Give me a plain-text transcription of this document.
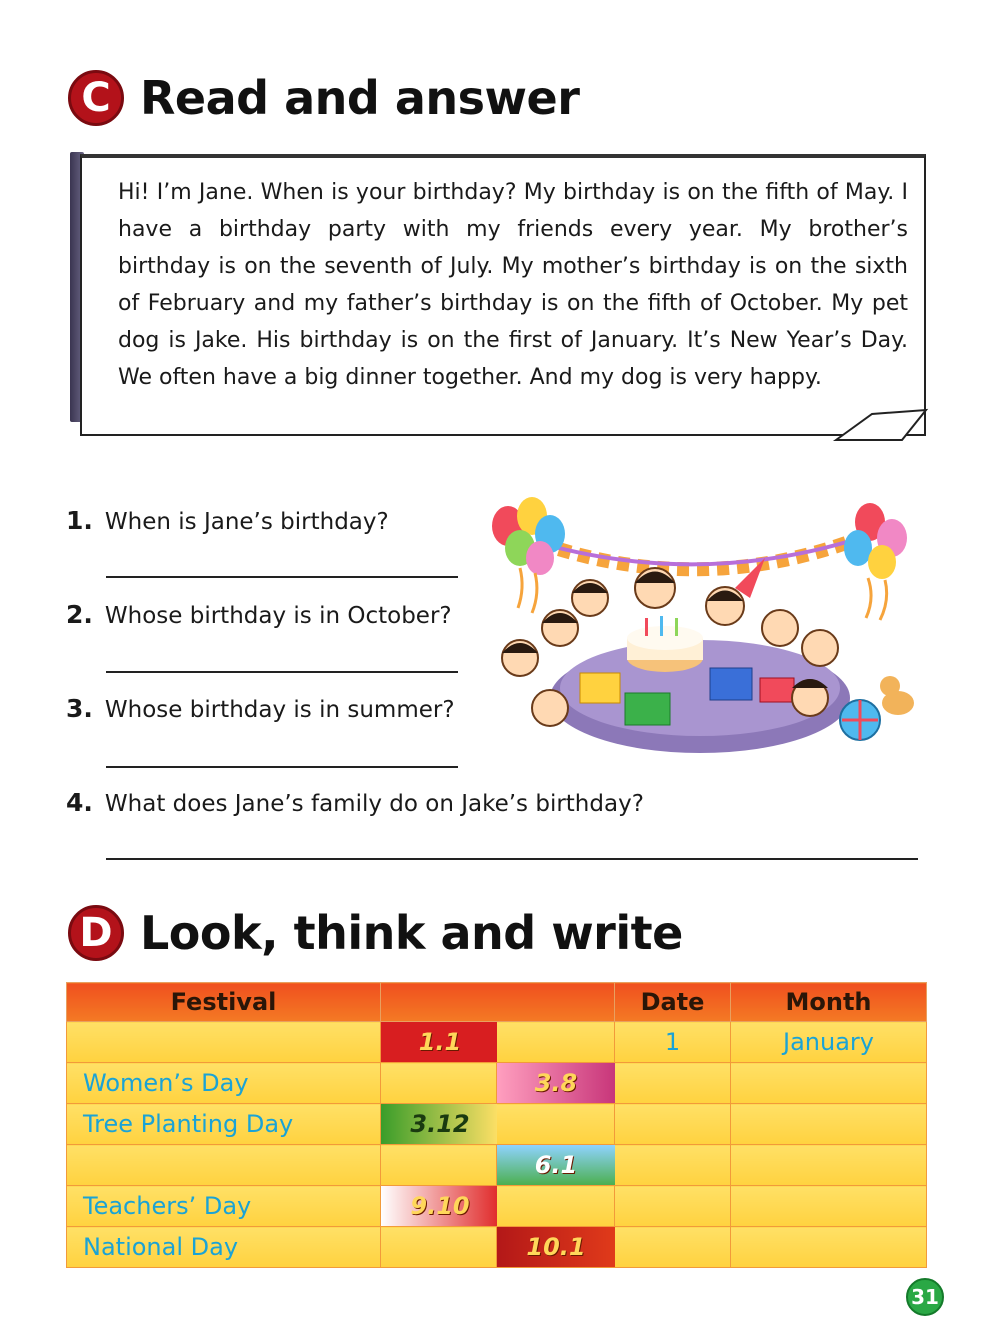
C Read and answer
Hi! I’m Jane. When is your birthday? My birthday is on the fifth of May. I have a birthday party with my friends every year. My brother’s birthday is on the seventh of July. My mother’s birthday is on the sixth of February and my father’s birthday is on the fifth of October. My pet dog is Jake. His birthday is on the first of January. It’s New Year’s Day. We often have a big dinner together. And my dog is very happy.
1. When is Jane’s birthday?
2. Whose birthday is in October?
3. Whose birthday is in summer?
4. What does Jane’s family do on Jake’s birthday?
D Look, think and write
Festival			Date	Month

	1.1		1	January
Women’s Day		3.8		

Tree Planting Day	3.12			

		6.1		

Teachers’ Day	9.10			

National Day		10.1		

31
